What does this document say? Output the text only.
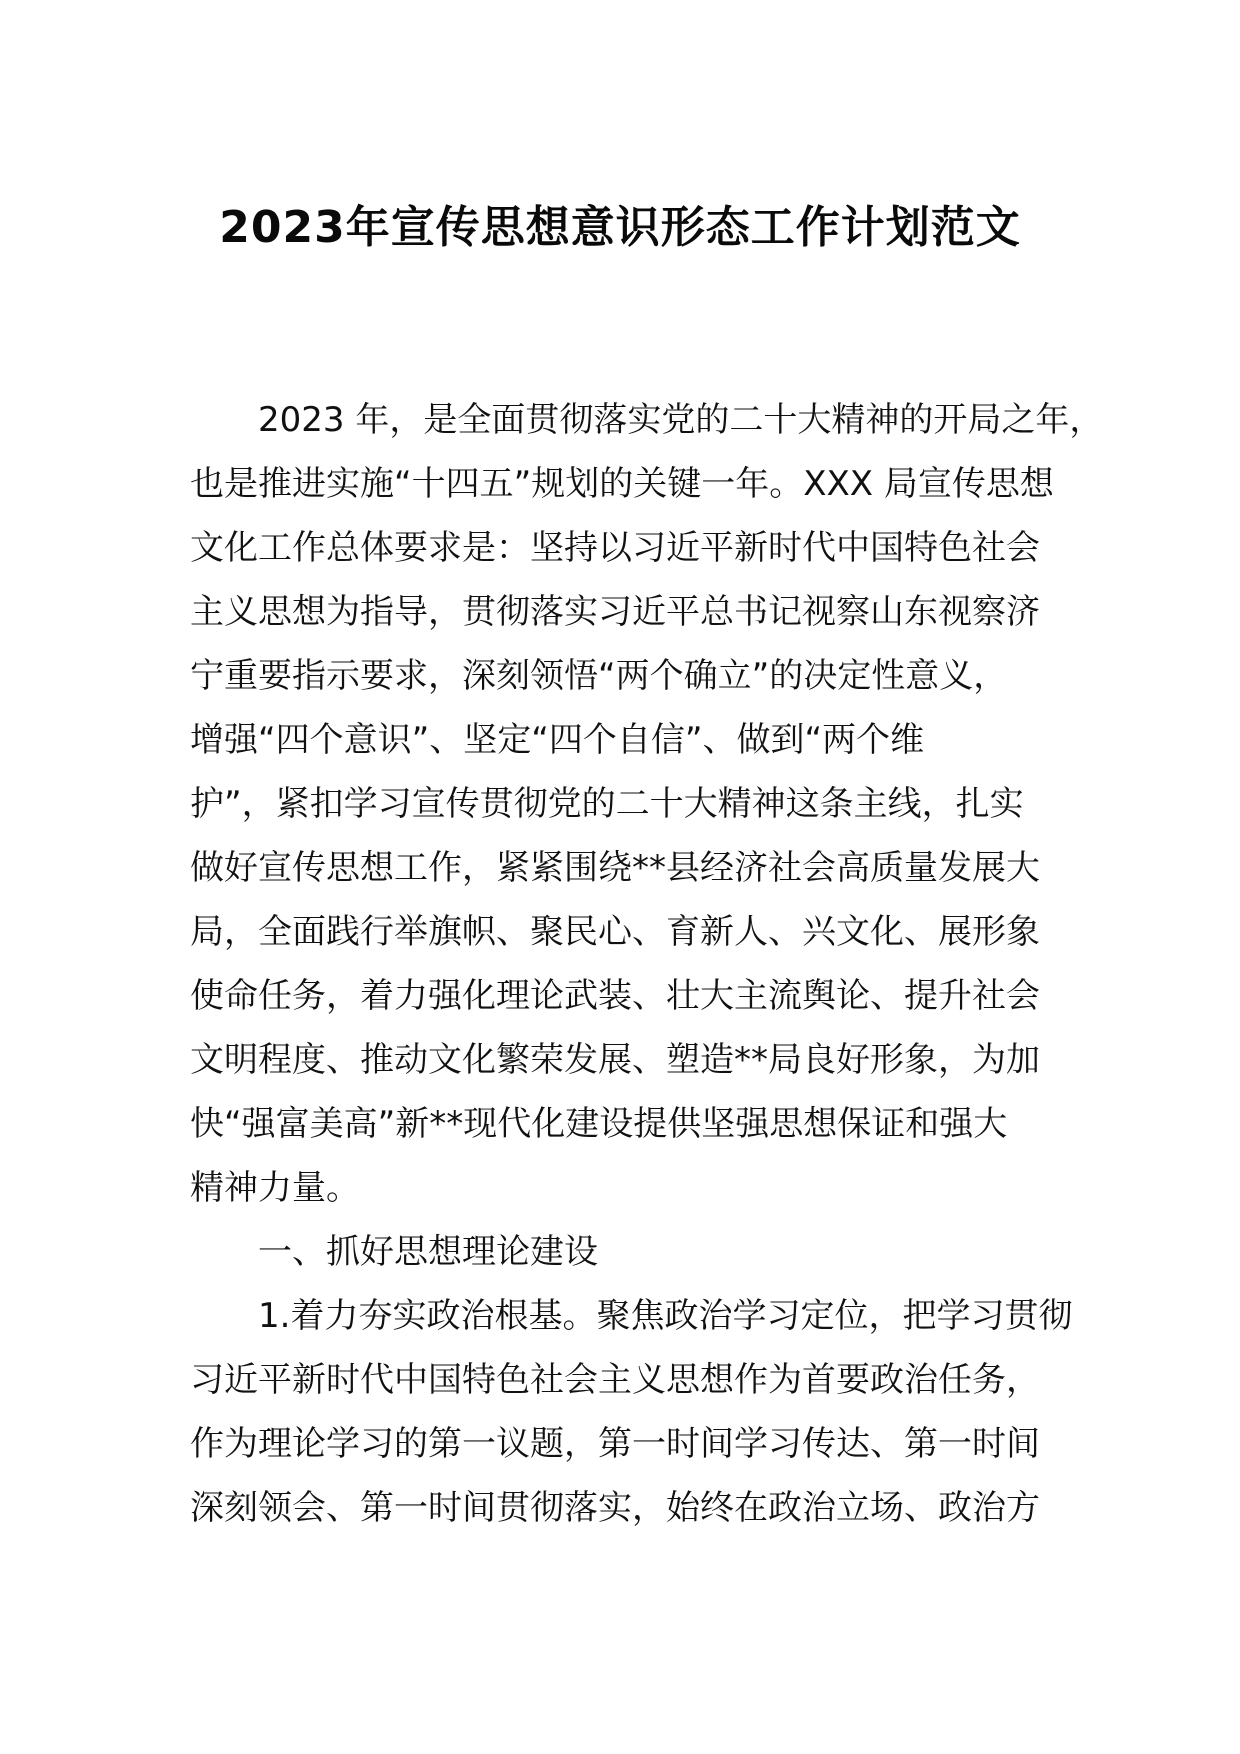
2023年宣传思想意识形态工作计划范文
　　2023 年，是全面贯彻落实党的二十大精神的开局之年，
也是推进实施“十四五”规划的关键一年。XXX 局宣传思想
文化工作总体要求是：坚持以习近平新时代中国特色社会
主义思想为指导，贯彻落实习近平总书记视察山东视察济
宁重要指示要求，深刻领悟“两个确立”的决定性意义，
增强“四个意识”、坚定“四个自信”、做到“两个维
护”，紧扣学习宣传贯彻党的二十大精神这条主线，扎实
做好宣传思想工作，紧紧围绕**县经济社会高质量发展大
局，全面践行举旗帜、聚民心、育新人、兴文化、展形象
使命任务，着力强化理论武装、壮大主流舆论、提升社会
文明程度、推动文化繁荣发展、塑造**局良好形象，为加
快“强富美高”新**现代化建设提供坚强思想保证和强大
精神力量。
　　一、抓好思想理论建设
　　1.着力夯实政治根基。聚焦政治学习定位，把学习贯彻
习近平新时代中国特色社会主义思想作为首要政治任务，
作为理论学习的第一议题，第一时间学习传达、第一时间
深刻领会、第一时间贯彻落实，始终在政治立场、政治方
